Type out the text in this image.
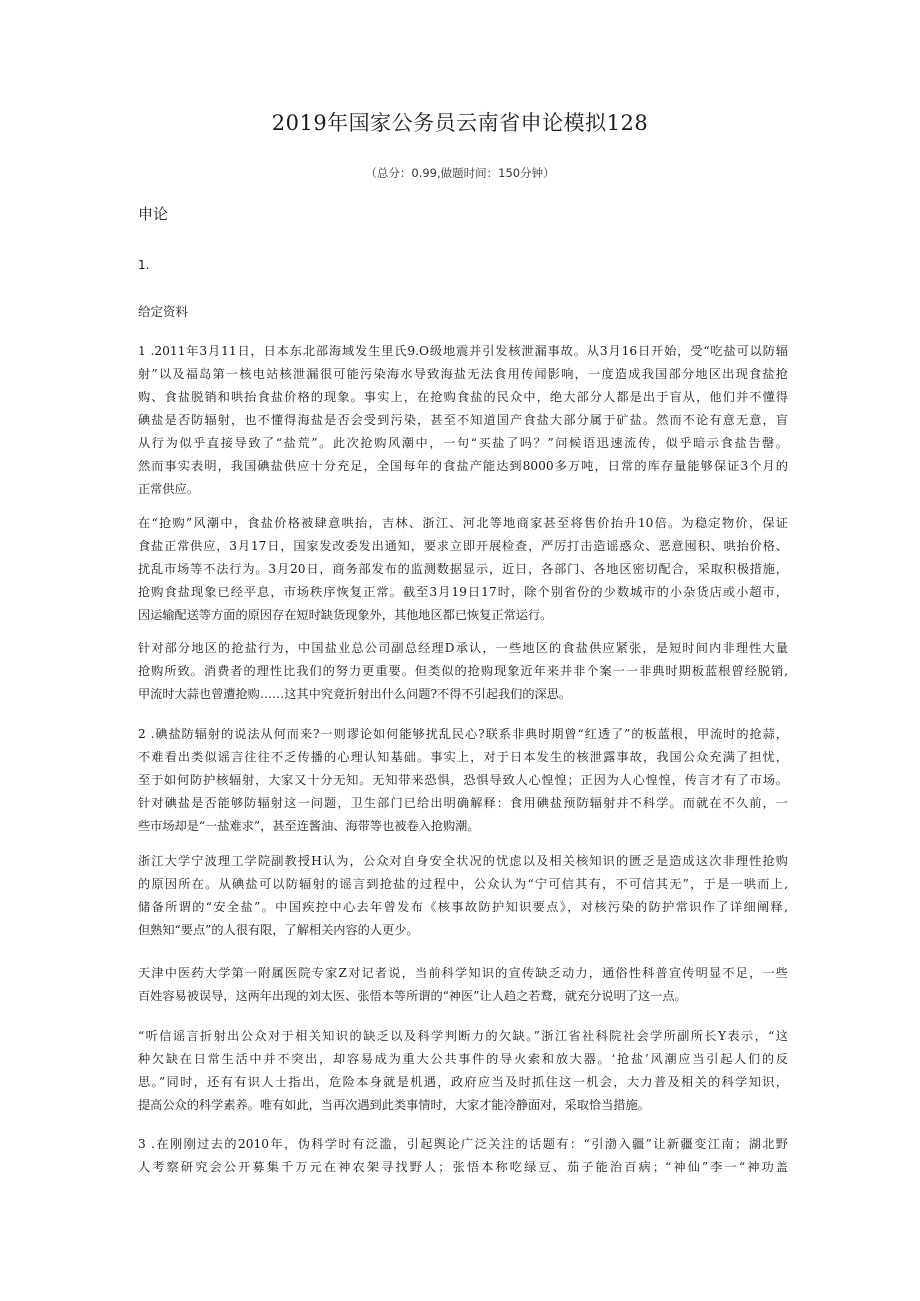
2019年国家公务员云南省申论模拟128
（总分：0.99,做题时间：150分钟）
申论
1.
给定资料
1 .2011年3月11日，日本东北部海域发生里氏9.O级地震并引发核泄漏事故。从3月16日开始，受“吃盐可以防辐
射”以及福岛第一核电站核泄漏很可能污染海水导致海盐无法食用传闻影响，一度造成我国部分地区出现食盐抢
购、食盐脱销和哄抬食盐价格的现象。事实上，在抢购食盐的民众中，绝大部分人都是出于盲从，他们并不懂得
碘盐是否防辐射，也不懂得海盐是否会受到污染，甚至不知道国产食盐大部分属于矿盐。然而不论有意无意，盲
从行为似乎直接导致了“盐荒”。此次抢购风潮中，一句“买盐了吗？”问候语迅速流传，似乎暗示食盐告罄。
然而事实表明，我国碘盐供应十分充足，全国每年的食盐产能达到8000多万吨，日常的库存量能够保证3个月的
正常供应。
在“抢购”风潮中，食盐价格被肆意哄抬，吉林、浙江、河北等地商家甚至将售价抬升10倍。为稳定物价，保证
食盐正常供应，3月17日，国家发改委发出通知，要求立即开展检查，严厉打击造谣惑众、恶意囤积、哄抬价格、
扰乱市场等不法行为。3月20日，商务部发布的监测数据显示，近日，各部门、各地区密切配合，采取积极措施，
抢购食盐现象已经平息，市场秩序恢复正常。截至3月19日17时，除个别省份的少数城市的小杂货店或小超市，
因运输配送等方面的原因存在短时缺货现象外，其他地区都已恢复正常运行。
针对部分地区的抢盐行为，中国盐业总公司副总经理D承认，一些地区的食盐供应紧张，是短时间内非理性大量
抢购所致。消费者的理性比我们的努力更重要。但类似的抢购现象近年来并非个案一一非典时期板蓝根曾经脱销,
甲流时大蒜也曾遭抢购……这其中究竟折射出什么问题?不得不引起我们的深思。
2 .碘盐防辐射的说法从何而来?一则谬论如何能够扰乱民心?联系非典时期曾“红透了”的板蓝根，甲流时的抢蒜，
不难看出类似谣言往往不乏传播的心理认知基础。事实上，对于日本发生的核泄露事故，我国公众充满了担忧，
至于如何防护核辐射，大家又十分无知。无知带来恐惧，恐惧导致人心惶惶；正因为人心惶惶，传言才有了市场。
针对碘盐是否能够防辐射这一问题，卫生部门已给出明确解释：食用碘盐预防辐射并不科学。而就在不久前，一
些市场却是“一盐难求”，甚至连酱油、海带等也被卷入抢购潮。
浙江大学宁波理工学院副教授H认为，公众对自身安全状况的忧虑以及相关核知识的匮乏是造成这次非理性抢购
的原因所在。从碘盐可以防辐射的谣言到抢盐的过程中，公众认为“宁可信其有，不可信其无”，于是一哄而上,
储备所谓的“安全盐”。中国疾控中心去年曾发布《核事故防护知识要点》，对核污染的防护常识作了详细阐释,
但熟知“要点”的人很有限，了解相关内容的人更少。
天津中医药大学第一附属医院专家Z对记者说，当前科学知识的宣传缺乏动力，通俗性科普宣传明显不足，一些
百姓容易被误导，这两年出现的刘太医、张悟本等所谓的“神医”让人趋之若鹜，就充分说明了这一点。
“听信谣言折射出公众对于相关知识的缺乏以及科学判断力的欠缺。”浙江省社科院社会学所副所长Y表示，“这
种欠缺在日常生活中并不突出，却容易成为重大公共事件的导火索和放大器。‘抢盐’风潮应当引起人们的反
思。”同时，还有有识人士指出，危险本身就是机遇，政府应当及时抓住这一机会，大力普及相关的科学知识，
提高公众的科学素养。唯有如此，当再次遇到此类事情时，大家才能冷静面对，采取恰当措施。
3 .在刚刚过去的2010年，伪科学时有泛滥，引起舆论广泛关注的话题有：“引渤入疆”让新疆变江南；湖北野
人考察研究会公开募集千万元在神农架寻找野人；张悟本称吃绿豆、茄子能治百病；“神仙”李一“神功盖
